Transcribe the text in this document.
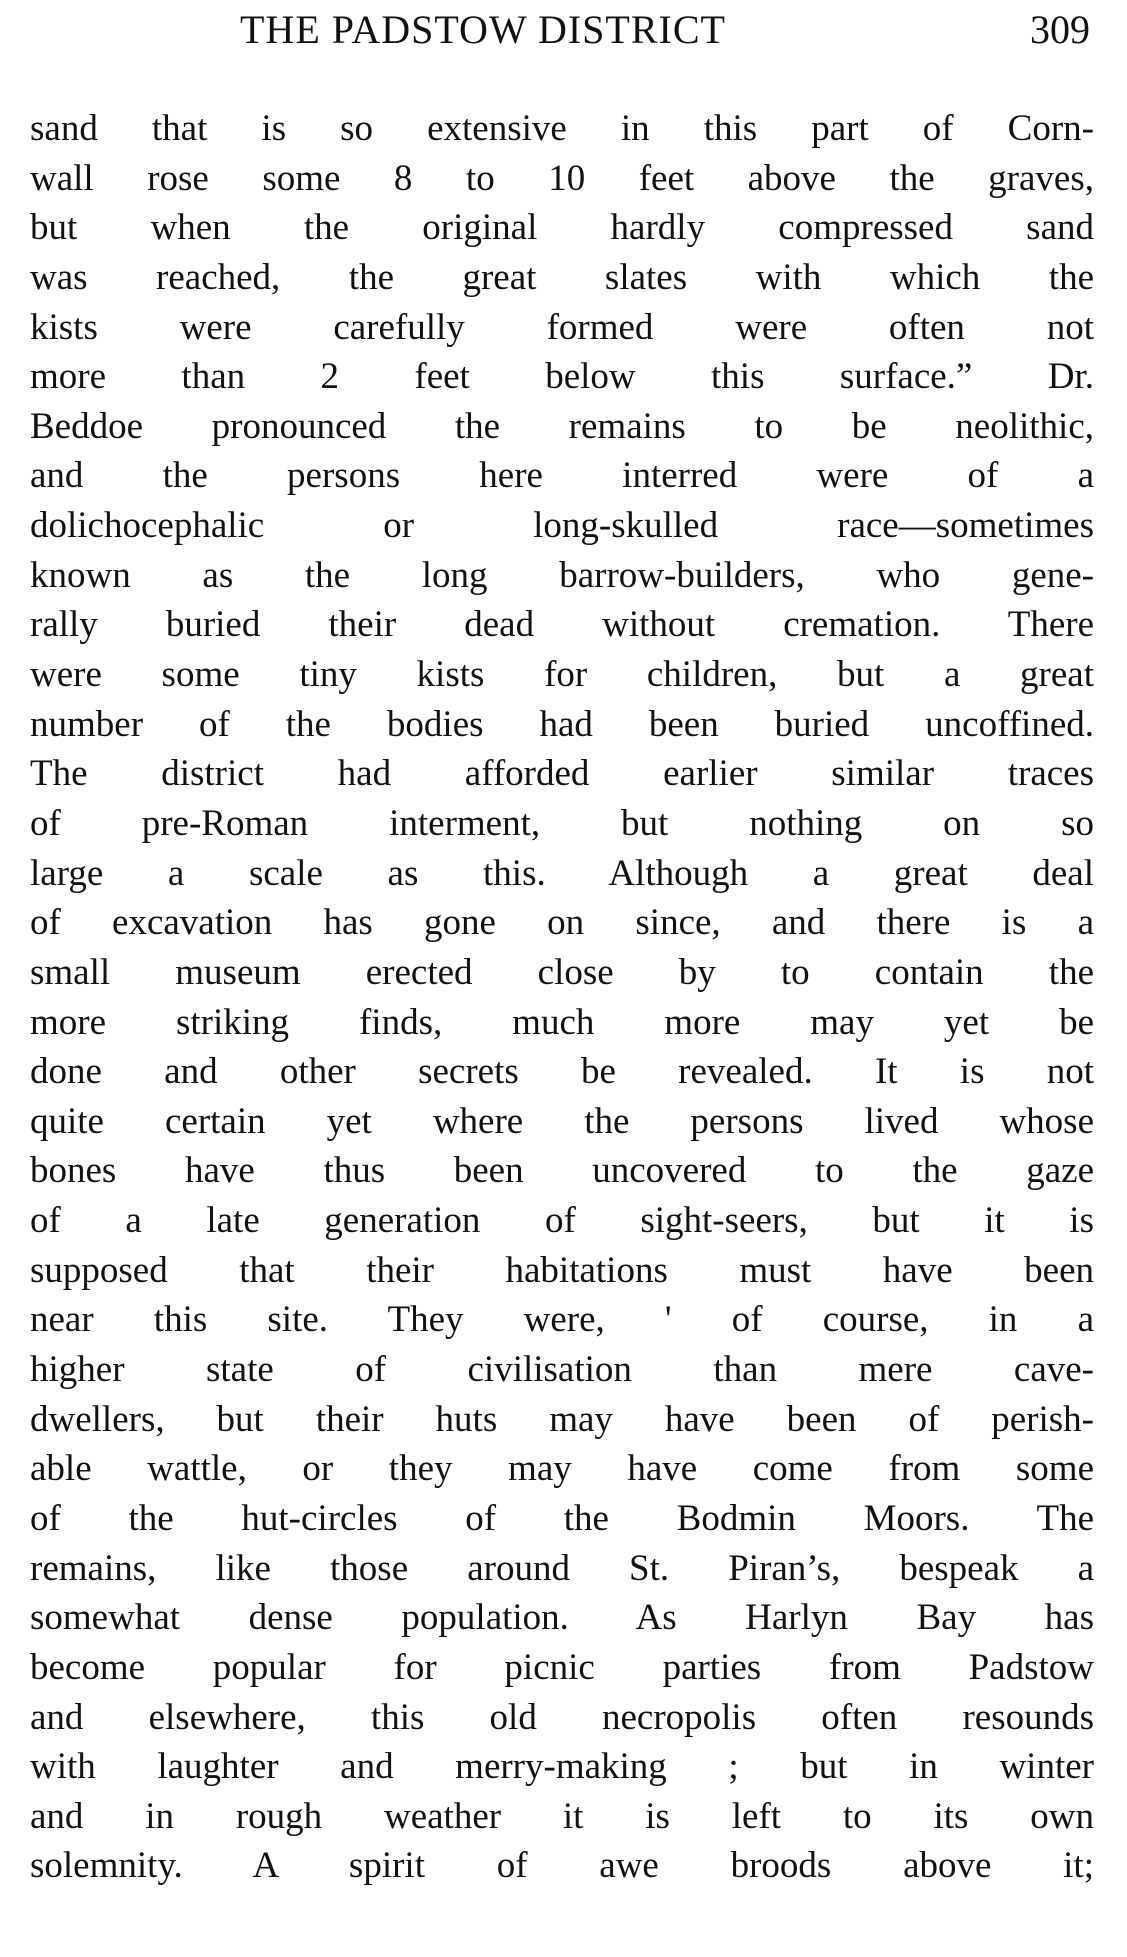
THE PADSTOW DISTRICT	309
sand that is so extensive in this part of Corn-
wall rose some 8 to 10 feet above the graves,
but when the original hardly compressed sand
was reached, the great slates with which the
kists were carefully formed were often not
more than 2 feet below this surface.” Dr.
Beddoe pronounced the remains to be neolithic,
and the persons here interred were of a
dolichocephalic or long-skulled race—sometimes
known as the long barrow-builders, who gene-
rally buried their dead without cremation. There
were some tiny kists for children, but a great
number of the bodies had been buried uncoffined.
The district had afforded earlier similar traces
of pre-Roman interment, but nothing on so
large a scale as this. Although a great deal
of excavation has gone on since, and there is a
small museum erected close by to contain the
more striking finds, much more may yet be
done and other secrets be revealed. It is not
quite certain yet where the persons lived whose
bones have thus been uncovered to the gaze
of a late generation of sight-seers, but it is
supposed that their habitations must have been
near this site. They were, ' of course, in a
higher state of civilisation than mere cave-
dwellers, but their huts may have been of perish-
able wattle, or they may have come from some
of the hut-circles of the Bodmin Moors. The
remains, like those around St. Piran’s, bespeak a
somewhat dense population. As Harlyn Bay has
become popular for picnic parties from Padstow
and elsewhere, this old necropolis often resounds
with laughter and merry-making ; but in winter
and in rough weather it is left to its own
solemnity. A spirit of awe broods above it;
